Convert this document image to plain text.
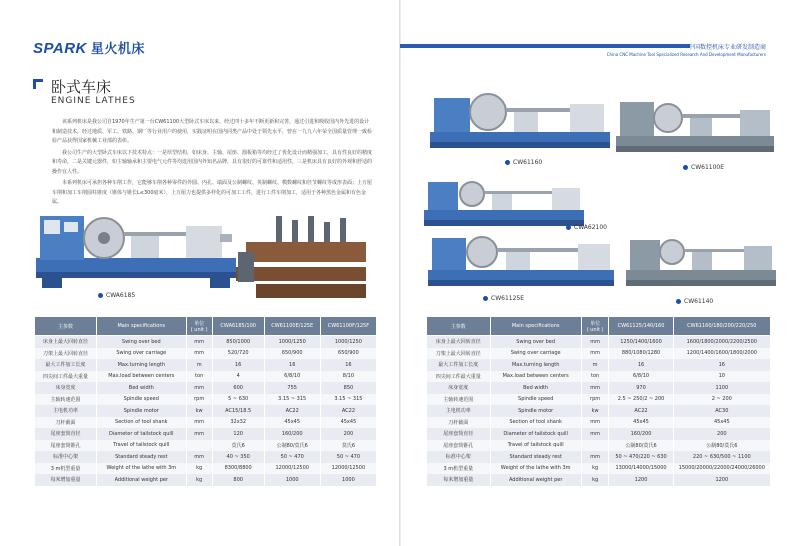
SPARK 星火机床
卧式车床
ENGINE LATHES

该系列机床是我公司自1970年生产第一台CW61100大型卧式车床以来，经过四十多年不断更新和完善，通过引进和吸收国内外先进的设计和制造技术，经过地质、军工、铁路、钢厂等行业用户的使用，实践证明在国内同类产品中处于领先水平，曾在一九九六年荣全国质量管理一致检验产品获得国家机械工业部的表彰。

我公司生产的大型卧式车床以下技术特点：一是厚型结构，如床身、主轴、尾座、溜板箱等均经过了优化设计而精强加工，具有性良好的精度和寿命，二是关键元器件，如主轴轴承和主要电气元件等均选用国内外知名品牌，具有很好的可靠性和适用性，三是机床具有良好的外观和舒适的操作宜人性。

本系列机床可承担各种车削工作，它能够车削各种零件的外圆、内孔、端面及公制螺纹、英制螺纹、模数螺纹和径节螺纹等成形表面；上万厘车削和加工车削圆柱锥度（锥体与锥长L≤300毫米），上万厘力也提供多样化的可加工工件，进行工件车削加工，适用于各种黑色金属和有色金属。

CWA6185
主参数	Main specifications	单位
( unit )	CWA6185/100	CW61100E/125E	CW61100F/125F
床身上最大回转直径	Swing over bed	mm	850/1000	1000/1250	1000/1250
刀架上最大回转直径	Swing over carriage	mm	520/720	650/900	650/900
最大工件加工长度	Max.turning length	m	16	16	16
四尖间工件最大重量	Max.load between centers	ton	4	6/8/10	8/10
床身宽度	Bed width	mm	600	755	850
主轴转速范围	Spindle speed	rpm	5 ~ 630	3.15 ~ 315	3.15 ~ 315
主电机功率	Spindle motor	kw	AC15/18.5	AC22	AC22
刀杆截面	Section of tool shank	mm	32x32	45x45	45x45
尾座套筒直径	Diameter of tailstock quill	mm	120	160/200	200
尾座套筒锥孔	Travel of tailstock quill		莫氏6	公制80/莫氏6	莫氏6
标准中心架	Standard steady rest	mm	40 ~ 350	50 ~ 470	50 ~ 470
3 m机型重量	Weight of the lathe with 3m	kg	8300/8800	12000/12500	12000/12500
每米增加重量	Additional weight per	kg	800	1000	1000
中国数控机床专业研发制造商
China CNC Machine Tool Specialized Research And Development Manufacturers
CW61160
CW61100E
CWA62100
CW61125E	CW61140
主参数	Main specifications	单位
( unit )	CW61125/140/160	CW61160/180/200/220/250
床身上最大回转直径	Swing over bed	mm	1250/1400/1600	1600/1800/2000/2200/2500
刀架上最大回转直径	Swing over carriage	mm	880/1080/1280	1200/1400/1600/1800/2000
最大工件加工长度	Max.turning length	m	16	16
四尖间工件最大重量	Max.load between centers	ton	6/8/10	10
床身宽度	Bed width	mm	970	1100
主轴转速范围	Spindle speed	rpm	2.5 ~ 250/2 ~ 200	2 ~ 200
主电机功率	Spindle motor	kw	AC22	AC30
刀杆截面	Section of tool shank	mm	45x45	45x45
尾座套筒直径	Diameter of tailstock quill	mm	160/200	200
尾座套筒锥孔	Travel of tailstock quill		公制80/莫氏6	公制80/莫氏6
标准中心架	Standard steady rest	mm	50 ~ 470/220 ~ 630	220 ~ 630/500 ~ 1100
3 m机型重量	Weight of the lathe with 3m	kg	13000/14000/15000	15000/20000/22000/24000/26000
每米增加重量	Additional weight per	kg	1200	1200
